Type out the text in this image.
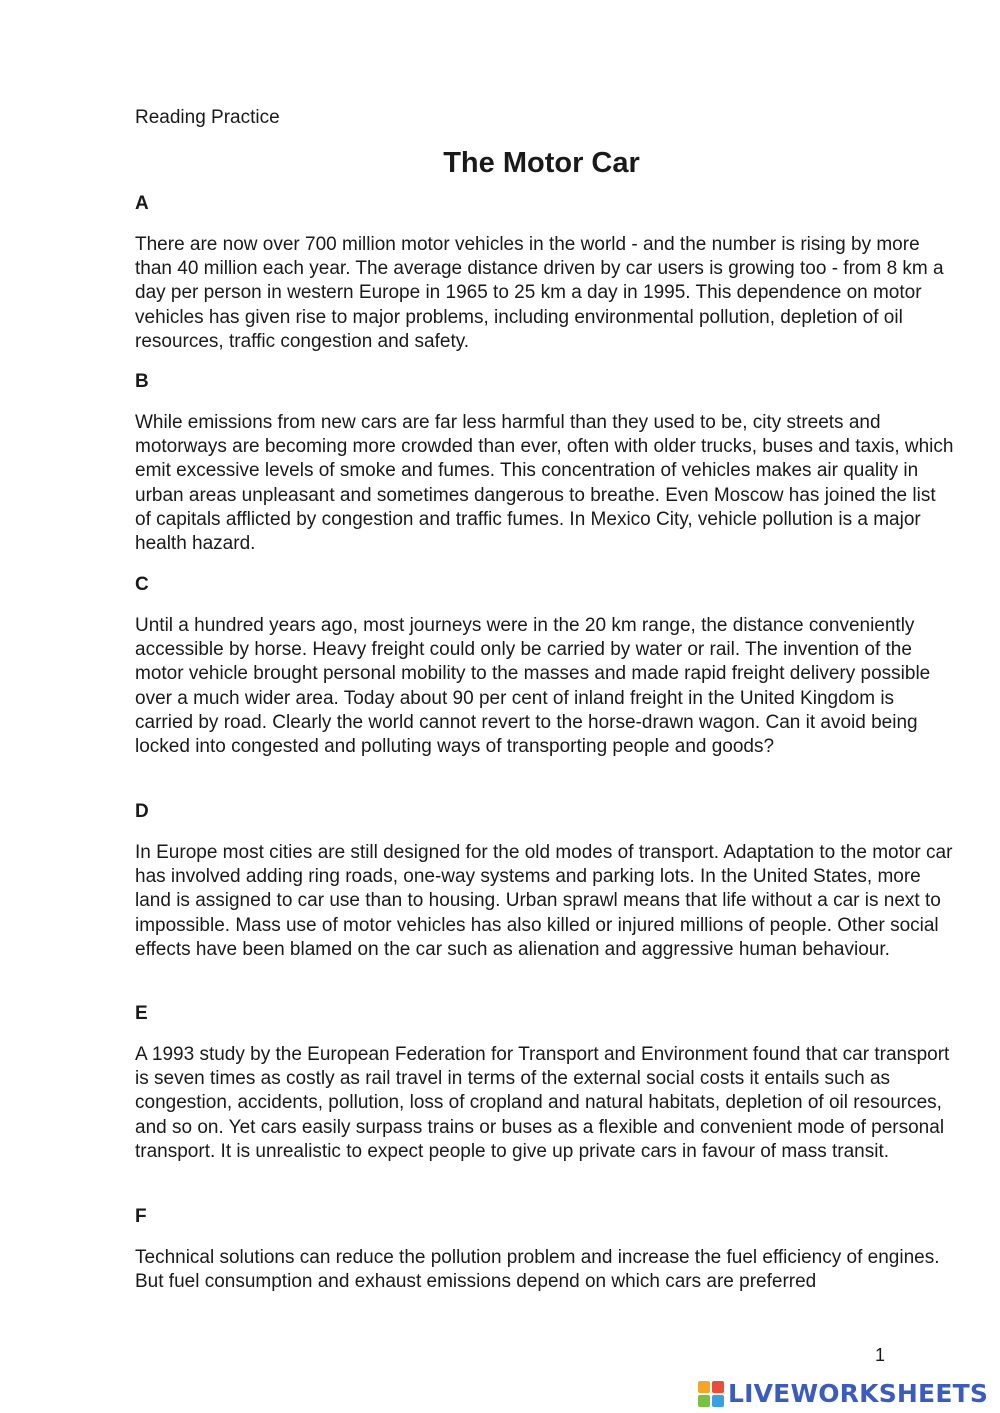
Reading Practice

The Motor Car

A

There are now over 700 million motor vehicles in the world - and the number is rising by more than 40 million each year. The average distance driven by car users is growing too - from 8 km a day per person in western Europe in 1965 to 25 km a day in 1995. This dependence on motor vehicles has given rise to major problems, including environmental pollution, depletion of oil resources, traffic congestion and safety.

B

While emissions from new cars are far less harmful than they used to be, city streets and motorways are becoming more crowded than ever, often with older trucks, buses and taxis, which emit excessive levels of smoke and fumes. This concentration of vehicles makes air quality in urban areas unpleasant and sometimes dangerous to breathe. Even Moscow has joined the list of capitals afflicted by congestion and traffic fumes. In Mexico City, vehicle pollution is a major health hazard.

C

Until a hundred years ago, most journeys were in the 20 km range, the distance conveniently accessible by horse. Heavy freight could only be carried by water or rail. The invention of the motor vehicle brought personal mobility to the masses and made rapid freight delivery possible over a much wider area. Today about 90 per cent of inland freight in the United Kingdom is carried by road. Clearly the world cannot revert to the horse-drawn wagon. Can it avoid being locked into congested and polluting ways of transporting people and goods?

D

In Europe most cities are still designed for the old modes of transport. Adaptation to the motor car has involved adding ring roads, one-way systems and parking lots. In the United States, more land is assigned to car use than to housing. Urban sprawl means that life without a car is next to impossible. Mass use of motor vehicles has also killed or injured millions of people. Other social effects have been blamed on the car such as alienation and aggressive human behaviour.

E

A 1993 study by the European Federation for Transport and Environment found that car transport is seven times as costly as rail travel in terms of the external social costs it entails such as congestion, accidents, pollution, loss of cropland and natural habitats, depletion of oil resources, and so on. Yet cars easily surpass trains or buses as a flexible and convenient mode of personal transport. It is unrealistic to expect people to give up private cars in favour of mass transit.

F

Technical solutions can reduce the pollution problem and increase the fuel efficiency of engines. But fuel consumption and exhaust emissions depend on which cars are preferred

1
LIVEWORKSHEETS
